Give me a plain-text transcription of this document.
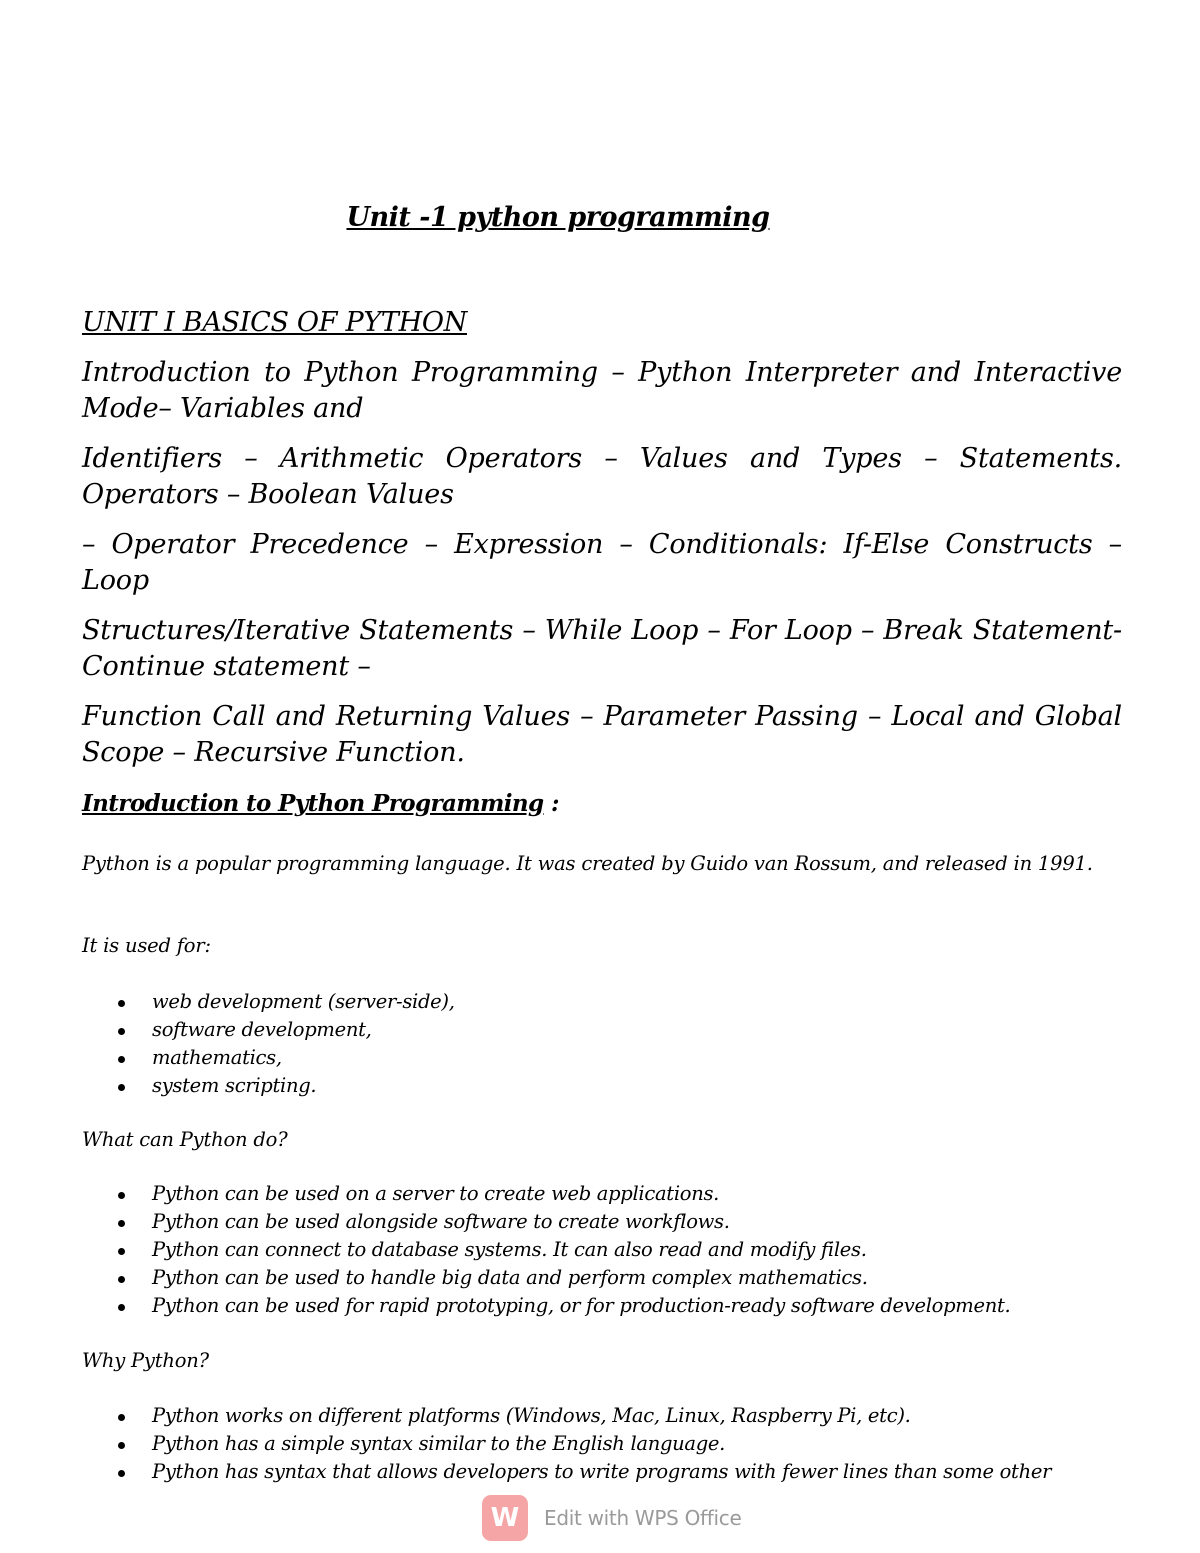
Unit -1 python programming
UNIT I BASICS OF PYTHON
Introduction to Python Programming – Python Interpreter and Interactive Mode– Variables and
Identifiers – Arithmetic Operators – Values and Types – Statements. Operators – Boolean Values
– Operator Precedence – Expression – Conditionals: If-Else Constructs – Loop
Structures/Iterative Statements – While Loop – For Loop – Break Statement-Continue statement –
Function Call and Returning Values – Parameter Passing – Local and Global Scope – Recursive Function.
Introduction to Python Programming :
Python is a popular programming language. It was created by Guido van Rossum, and released in 1991.
It is used for:
web development (server-side),
software development,
mathematics,
system scripting.
What can Python do?
Python can be used on a server to create web applications.
Python can be used alongside software to create workflows.
Python can connect to database systems. It can also read and modify files.
Python can be used to handle big data and perform complex mathematics.
Python can be used for rapid prototyping, or for production-ready software development.
Why Python?
Python works on different platforms (Windows, Mac, Linux, Raspberry Pi, etc).
Python has a simple syntax similar to the English language.
Python has syntax that allows developers to write programs with fewer lines than some other
W	Edit with WPS Office
